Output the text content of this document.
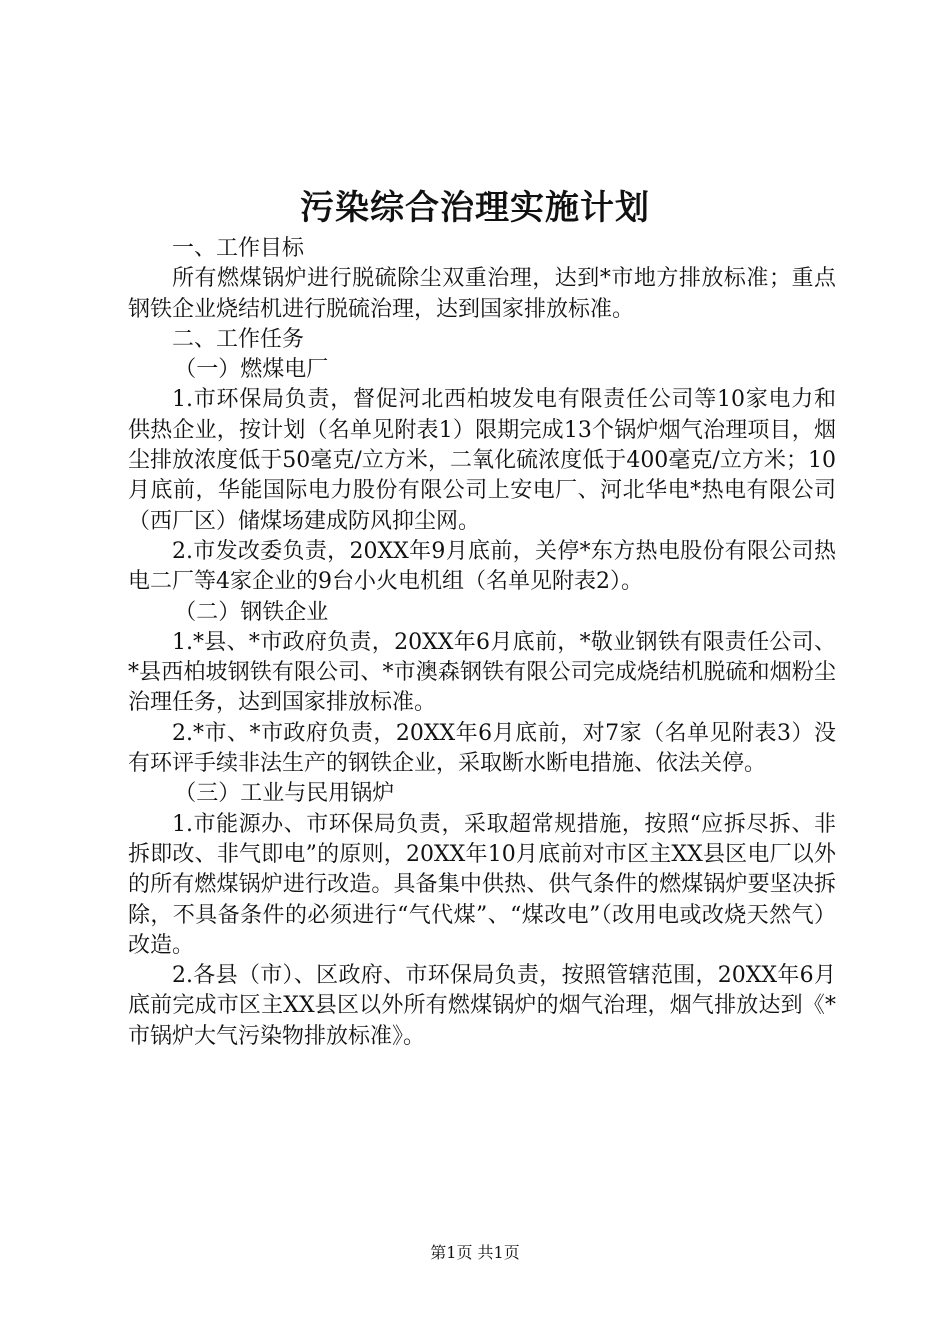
污染综合治理实施计划

一、工作目标

所有燃煤锅炉进行脱硫除尘双重治理，达到*市地方排放标准；重点钢铁企业烧结机进行脱硫治理，达到国家排放标准。

二、工作任务

（一）燃煤电厂

1.市环保局负责，督促河北西柏坡发电有限责任公司等10家电力和供热企业，按计划（名单见附表1）限期完成13个锅炉烟气治理项目，烟尘排放浓度低于50毫克/立方米，二氧化硫浓度低于400毫克/立方米；10月底前，华能国际电力股份有限公司上安电厂、河北华电*热电有限公司（西厂区）储煤场建成防风抑尘网。

2.市发改委负责，20XX年9月底前，关停*东方热电股份有限公司热电二厂等4家企业的9台小火电机组（名单见附表2）。

（二）钢铁企业

1.*县、*市政府负责，20XX年6月底前，*敬业钢铁有限责任公司、*县西柏坡钢铁有限公司、*市澳森钢铁有限公司完成烧结机脱硫和烟粉尘治理任务，达到国家排放标准。

2.*市、*市政府负责，20XX年6月底前，对7家（名单见附表3）没有环评手续非法生产的钢铁企业，采取断水断电措施、依法关停。

（三）工业与民用锅炉

1.市能源办、市环保局负责，采取超常规措施，按照“应拆尽拆、非拆即改、非气即电”的原则，20XX年10月底前对市区主XX县区电厂以外的所有燃煤锅炉进行改造。具备集中供热、供气条件的燃煤锅炉要坚决拆除，不具备条件的必须进行“气代煤”、“煤改电”（改用电或改烧天然气）改造。

2.各县（市）、区政府、市环保局负责，按照管辖范围，20XX年6月底前完成市区主XX县区以外所有燃煤锅炉的烟气治理，烟气排放达到《*市锅炉大气污染物排放标准》。

第1页 共1页
